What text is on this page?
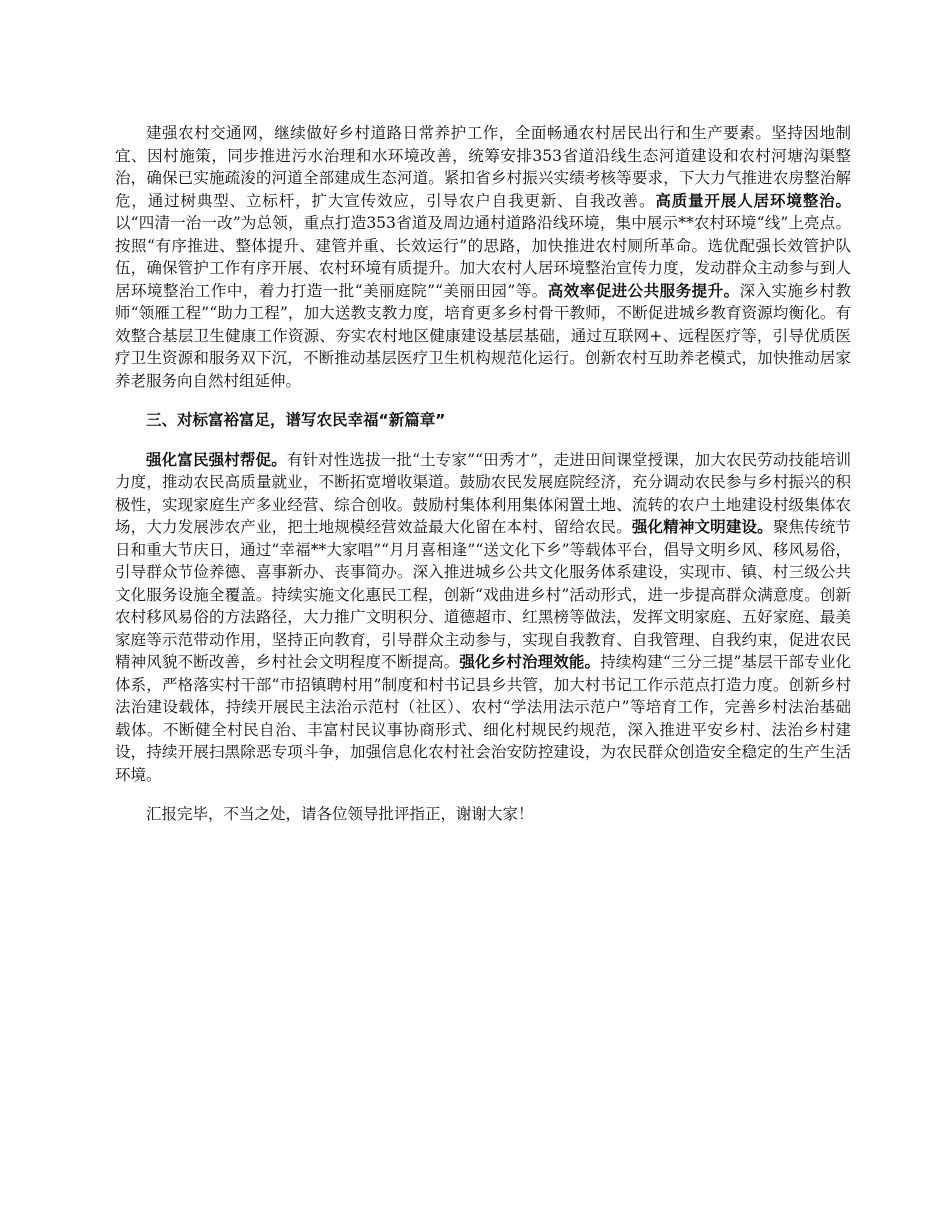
建强农村交通网，继续做好乡村道路日常养护工作，全面畅通农村居民出行和生产要素。坚持因地制宜、因村施策，同步推进污水治理和水环境改善，统筹安排353省道沿线生态河道建设和农村河塘沟渠整治，确保已实施疏浚的河道全部建成生态河道。紧扣省乡村振兴实绩考核等要求，下大力气推进农房整治解危，通过树典型、立标杆，扩大宣传效应，引导农户自我更新、自我改善。高质量开展人居环境整治。以“四清一治一改”为总领，重点打造353省道及周边通村道路沿线环境，集中展示**农村环境“线”上亮点。按照“有序推进、整体提升、建管并重、长效运行”的思路，加快推进农村厕所革命。选优配强长效管护队伍，确保管护工作有序开展、农村环境有质提升。加大农村人居环境整治宣传力度，发动群众主动参与到人居环境整治工作中，着力打造一批“美丽庭院”“美丽田园”等。高效率促进公共服务提升。深入实施乡村教师“领雁工程”“助力工程”，加大送教支教力度，培育更多乡村骨干教师，不断促进城乡教育资源均衡化。有效整合基层卫生健康工作资源、夯实农村地区健康建设基层基础，通过互联网+、远程医疗等，引导优质医疗卫生资源和服务双下沉，不断推动基层医疗卫生机构规范化运行。创新农村互助养老模式，加快推动居家养老服务向自然村组延伸。

三、对标富裕富足，谱写农民幸福“新篇章”

强化富民强村帮促。有针对性选拔一批“土专家”“田秀才”，走进田间课堂授课，加大农民劳动技能培训力度，推动农民高质量就业，不断拓宽增收渠道。鼓励农民发展庭院经济，充分调动农民参与乡村振兴的积极性，实现家庭生产多业经营、综合创收。鼓励村集体利用集体闲置土地、流转的农户土地建设村级集体农场，大力发展涉农产业，把土地规模经营效益最大化留在本村、留给农民。强化精神文明建设。聚焦传统节日和重大节庆日，通过“幸福**大家唱”“月月喜相逢”“送文化下乡”等载体平台，倡导文明乡风、移风易俗，引导群众节俭养德、喜事新办、丧事简办。深入推进城乡公共文化服务体系建设，实现市、镇、村三级公共文化服务设施全覆盖。持续实施文化惠民工程，创新“戏曲进乡村”活动形式，进一步提高群众满意度。创新农村移风易俗的方法路径，大力推广文明积分、道德超市、红黑榜等做法，发挥文明家庭、五好家庭、最美家庭等示范带动作用，坚持正向教育，引导群众主动参与，实现自我教育、自我管理、自我约束，促进农民精神风貌不断改善，乡村社会文明程度不断提高。强化乡村治理效能。持续构建“三分三提”基层干部专业化体系，严格落实村干部“市招镇聘村用”制度和村书记县乡共管，加大村书记工作示范点打造力度。创新乡村法治建设载体，持续开展民主法治示范村（社区）、农村“学法用法示范户”等培育工作，完善乡村法治基础载体。不断健全村民自治、丰富村民议事协商形式、细化村规民约规范，深入推进平安乡村、法治乡村建设，持续开展扫黑除恶专项斗争，加强信息化农村社会治安防控建设，为农民群众创造安全稳定的生产生活环境。

汇报完毕，不当之处，请各位领导批评指正，谢谢大家！
